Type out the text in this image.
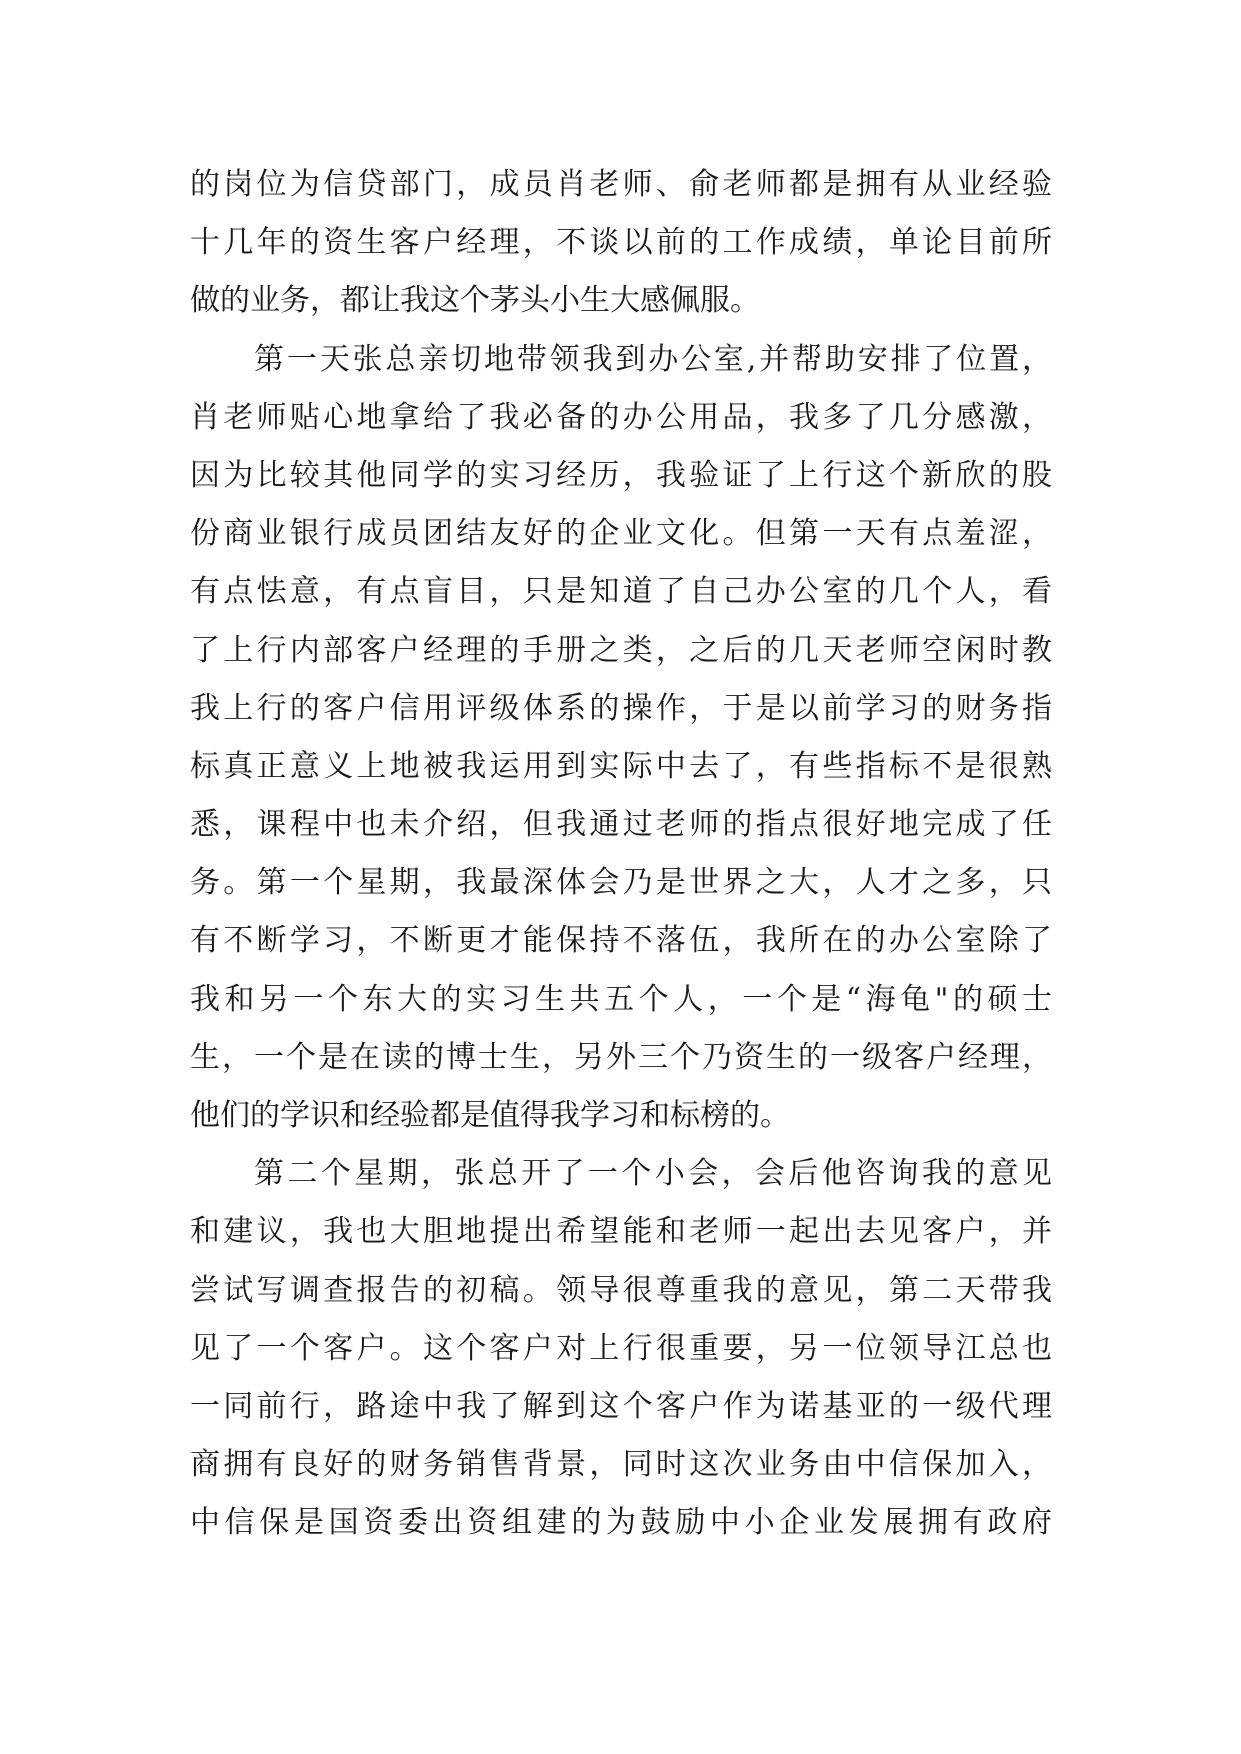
的岗位为信贷部门，成员肖老师、俞老师都是拥有从业经验
十几年的资生客户经理，不谈以前的工作成绩，单论目前所
做的业务，都让我这个茅头小生大感佩服。
第一天张总亲切地带领我到办公室,并帮助安排了位置，
肖老师贴心地拿给了我必备的办公用品，我多了几分感激，
因为比较其他同学的实习经历，我验证了上行这个新欣的股
份商业银行成员团结友好的企业文化。但第一天有点羞涩，
有点怯意，有点盲目，只是知道了自己办公室的几个人，看
了上行内部客户经理的手册之类，之后的几天老师空闲时教
我上行的客户信用评级体系的操作，于是以前学习的财务指
标真正意义上地被我运用到实际中去了，有些指标不是很熟
悉，课程中也未介绍，但我通过老师的指点很好地完成了任
务。第一个星期，我最深体会乃是世界之大，人才之多，只
有不断学习，不断更才能保持不落伍，我所在的办公室除了
我和另一个东大的实习生共五个人，一个是“海龟"的硕士
生，一个是在读的博士生，另外三个乃资生的一级客户经理，
他们的学识和经验都是值得我学习和标榜的。
第二个星期，张总开了一个小会，会后他咨询我的意见
和建议，我也大胆地提出希望能和老师一起出去见客户，并
尝试写调查报告的初稿。领导很尊重我的意见，第二天带我
见了一个客户。这个客户对上行很重要，另一位领导江总也
一同前行，路途中我了解到这个客户作为诺基亚的一级代理
商拥有良好的财务销售背景，同时这次业务由中信保加入，
中信保是国资委出资组建的为鼓励中小企业发展拥有政府
